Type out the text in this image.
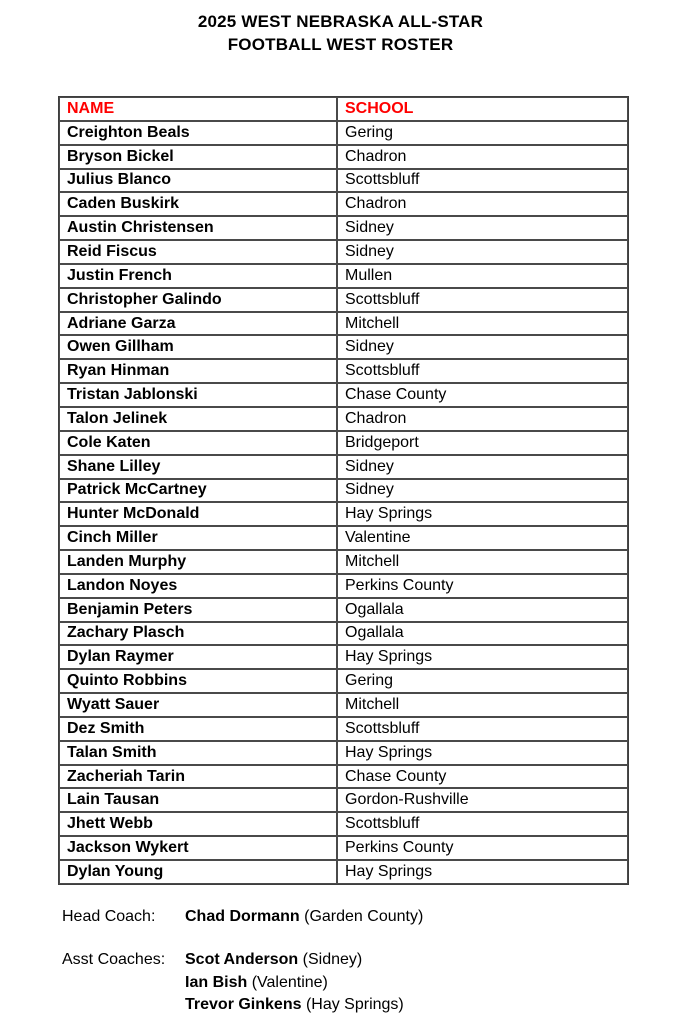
2025 WEST NEBRASKA ALL-STAR
FOOTBALL WEST ROSTER
NAME	SCHOOL
Creighton Beals	Gering
Bryson Bickel	Chadron
Julius Blanco	Scottsbluff
Caden Buskirk	Chadron
Austin Christensen	Sidney
Reid Fiscus	Sidney
Justin French	Mullen
Christopher Galindo	Scottsbluff
Adriane Garza	Mitchell
Owen Gillham	Sidney
Ryan Hinman	Scottsbluff
Tristan Jablonski	Chase County
Talon Jelinek	Chadron
Cole Katen	Bridgeport
Shane Lilley	Sidney
Patrick McCartney	Sidney
Hunter McDonald	Hay Springs
Cinch Miller	Valentine
Landen Murphy	Mitchell
Landon Noyes	Perkins County
Benjamin Peters	Ogallala
Zachary Plasch	Ogallala
Dylan Raymer	Hay Springs
Quinto Robbins	Gering
Wyatt Sauer	Mitchell
Dez Smith	Scottsbluff
Talan Smith	Hay Springs
Zacheriah Tarin	Chase County
Lain Tausan	Gordon-Rushville
Jhett Webb	Scottsbluff
Jackson Wykert	Perkins County
Dylan Young	Hay Springs
Head Coach:	Chad Dormann (Garden County)
Asst Coaches:	Scot Anderson (Sidney)
Ian Bish (Valentine)
Trevor Ginkens (Hay Springs)
